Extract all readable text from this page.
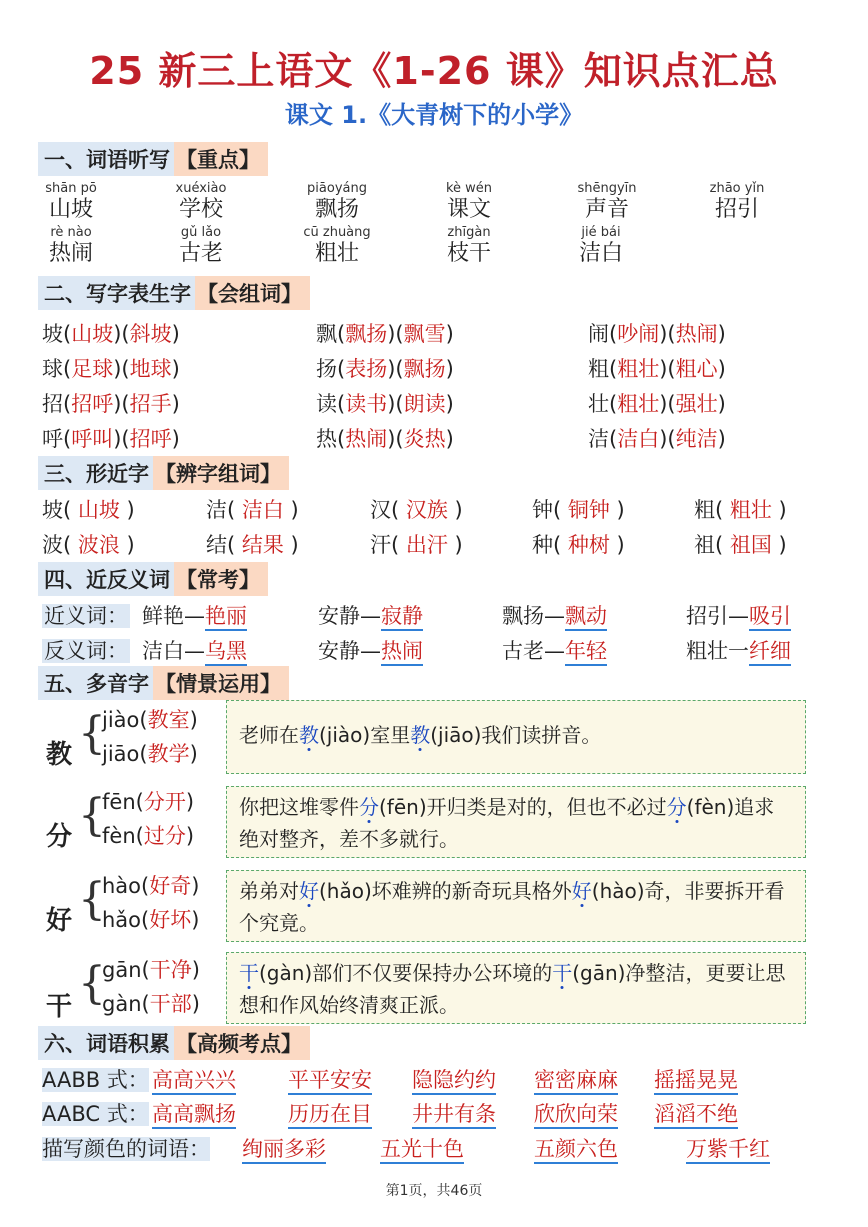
25 新三上语文《1-26 课》知识点汇总
课文 1.《大青树下的小学》
一、词语听写 【重点】
shān pō
山坡
xuéxiào
学校
piāoyáng
飘扬
kè wén
课文
shēngyīn
声音
zhāo yǐn
招引
rè nào
热闹
gǔ lǎo
古老
cū zhuàng
粗壮
zhīgàn
枝干
jié bái
洁白
二、写字表生字 【会组词】
坡(山坡)(斜坡)	飘(飘扬)(飘雪)	闹(吵闹)(热闹)
球(足球)(地球)	扬(表扬)(飘扬)	粗(粗壮)(粗心)
招(招呼)(招手)	读(读书)(朗读)	壮(粗壮)(强壮)
呼(呼叫)(招呼)	热(热闹)(炎热)	洁(洁白)(纯洁)
三、形近字 【辨字组词】
坡( 山坡 )	洁( 洁白 )	汉( 汉族 )	钟( 铜钟 )	粗( 粗壮 )
波( 波浪 )	结( 结果 )	汗( 出汗 )	种( 种树 )	祖( 祖国 )
四、近反义词 【常考】
近义词： 鲜艳—艳丽	安静—寂静	飘扬—飘动	招引—吸引
反义词： 洁白—乌黑	安静—热闹	古老—年轻	粗壮一纤细
五、多音字 【情景运用】
教 {
jiào(教室)
jiāo(教学)
老师在教(jiào)室里教(jiāo)我们读拼音。
分 {
fēn(分开)
fèn(过分)
你把这堆零件分(fēn)开归类是对的，但也不必过分(fèn)追求绝对整齐，差不多就行。
好 {
hào(好奇)
hǎo(好坏)
弟弟对好(hǎo)坏难辨的新奇玩具格外好(hào)奇，非要拆开看个究竟。
干 {
gān(干净)
gàn(干部)
干(gàn)部们不仅要保持办公环境的干(gān)净整洁，更要让思想和作风始终清爽正派。
六、词语积累 【高频考点】
AABB 式： 高高兴兴 平平安安 隐隐约约 密密麻麻 摇摇晃晃
AABC 式： 高高飘扬 历历在目 井井有条 欣欣向荣 滔滔不绝
描写颜色的词语： 绚丽多彩	五光十色	五颜六色	万紫千红
第1页，共46页
